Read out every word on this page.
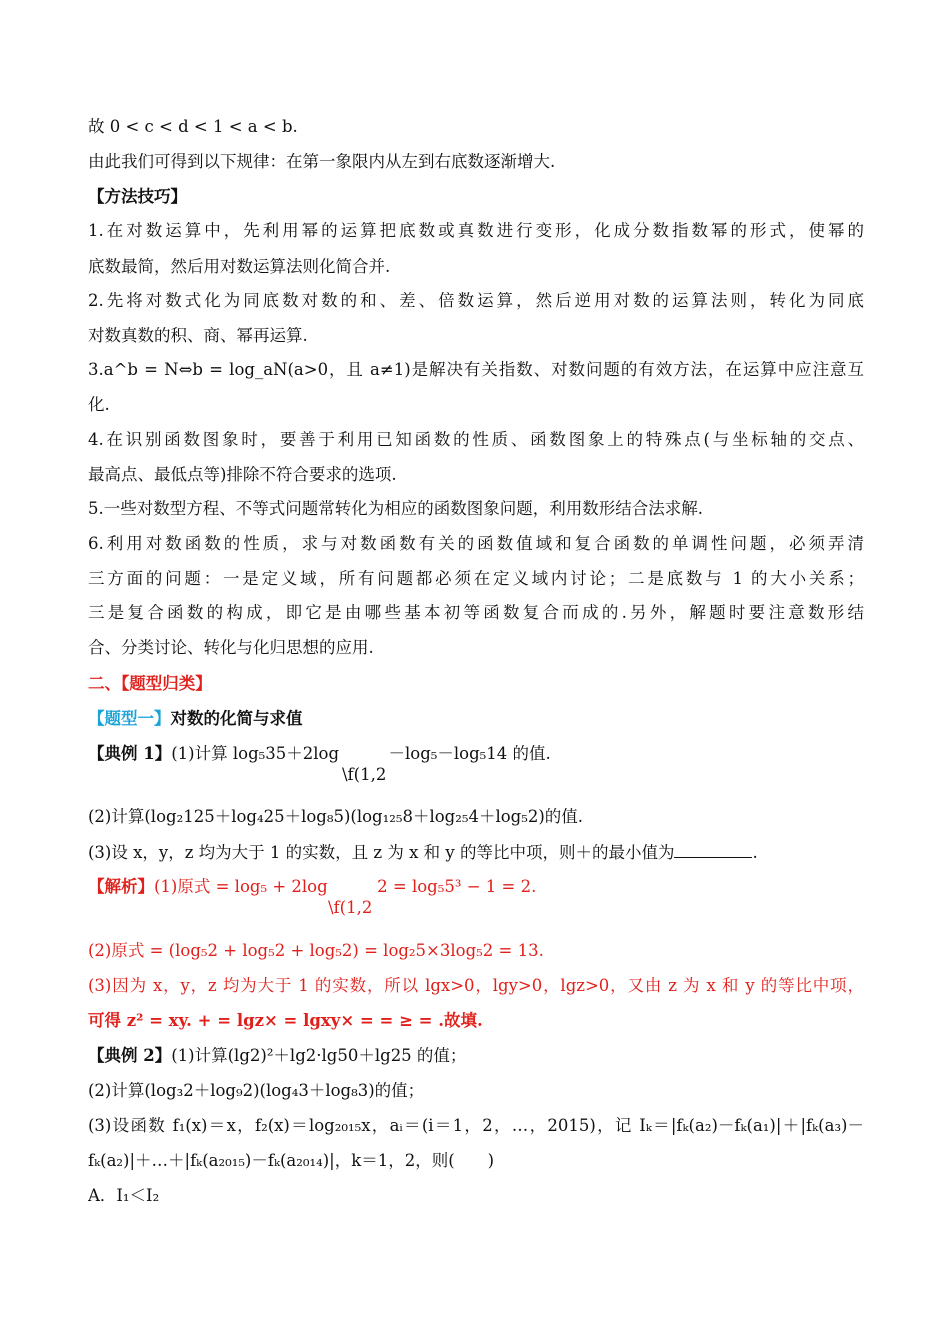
故 0 < c < d < 1 < a < b.
由此我们可得到以下规律：在第一象限内从左到右底数逐渐增大.
【方法技巧】
1.在对数运算中，先利用幂的运算把底数或真数进行变形，化成分数指数幂的形式，使幂的
底数最简，然后用对数运算法则化简合并.
2.先将对数式化为同底数对数的和、差、倍数运算，然后逆用对数的运算法则，转化为同底
对数真数的积、商、幂再运算.
3.a^b = N⇔b = log_aN(a>0，且 a≠1)是解决有关指数、对数问题的有效方法，在运算中应注意互
化.
4.在识别函数图象时，要善于利用已知函数的性质、函数图象上的特殊点(与坐标轴的交点、
最高点、最低点等)排除不符合要求的选项.
5.一些对数型方程、不等式问题常转化为相应的函数图象问题，利用数形结合法求解.
6.利用对数函数的性质，求与对数函数有关的函数值域和复合函数的单调性问题，必须弄清
三方面的问题：一是定义域，所有问题都必须在定义域内讨论；二是底数与 1 的大小关系；
三是复合函数的构成，即它是由哪些基本初等函数复合而成的.另外，解题时要注意数形结
合、分类讨论、转化与化归思想的应用.
二、【题型归类】
【题型一】对数的化简与求值
【典例 1】(1)计算 log₅35＋2log　　　－log₅－log₅14 的值.
\f(1,2
(2)计算(log₂125＋log₄25＋log₈5)(log₁₂₅8＋log₂₅4＋log₅2)的值.
(3)设 x，y，z 均为大于 1 的实数，且 z 为 x 和 y 的等比中项，则＋的最小值为	.
【解析】(1)原式 = log₅ + 2log　　　2 = log₅5³ − 1 = 2.
\f(1,2
(2)原式 = (log₅2 + log₅2 + log₅2) = log₂5×3log₅2 = 13.
(3)因为 x，y，z 均为大于 1 的实数，所以 lgx>0，lgy>0，lgz>0，又由 z 为 x 和 y 的等比中项，
可得 z² = xy. + = lgz× = lgxy× = = ≥ = .故填.
【典例 2】(1)计算(lg2)²＋lg2·lg50＋lg25 的值；
(2)计算(log₃2＋log₉2)(log₄3＋log₈3)的值；
(3)设函数 f₁(x)＝x，f₂(x)＝log₂₀₁₅x，aᵢ＝(i＝1，2，…，2015)，记 Iₖ＝|fₖ(a₂)－fₖ(a₁)|＋|fₖ(a₃)－
fₖ(a₂)|＋…＋|fₖ(a₂₀₁₅)－fₖ(a₂₀₁₄)|，k＝1，2，则(　　)
A．I₁＜I₂
